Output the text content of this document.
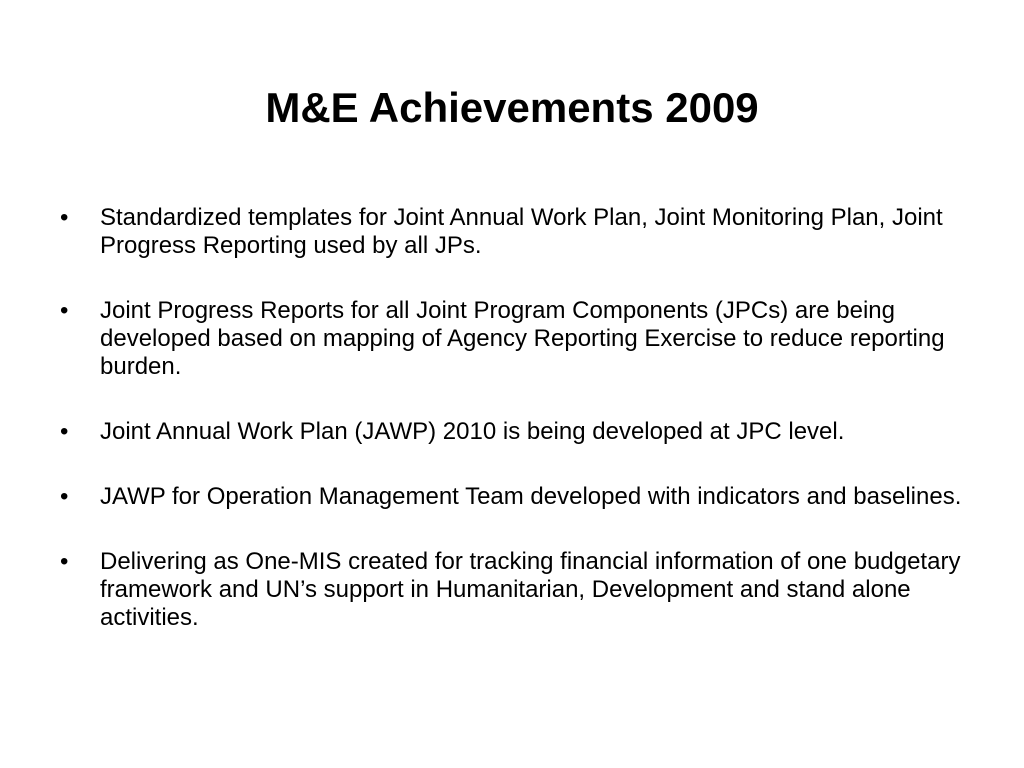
M&E Achievements 2009
•	Standardized templates for Joint Annual Work Plan, Joint Monitoring Plan, Joint Progress Reporting used by all JPs.
•	Joint Progress Reports for all Joint Program Components (JPCs) are being developed based on mapping of Agency Reporting Exercise to reduce reporting burden.
•	Joint Annual Work Plan (JAWP) 2010 is being developed at JPC level.
•	JAWP for Operation Management Team developed with indicators and baselines.
•	Delivering as One-MIS created for tracking financial information of one budgetary framework and UN’s support in Humanitarian, Development and stand alone activities.
